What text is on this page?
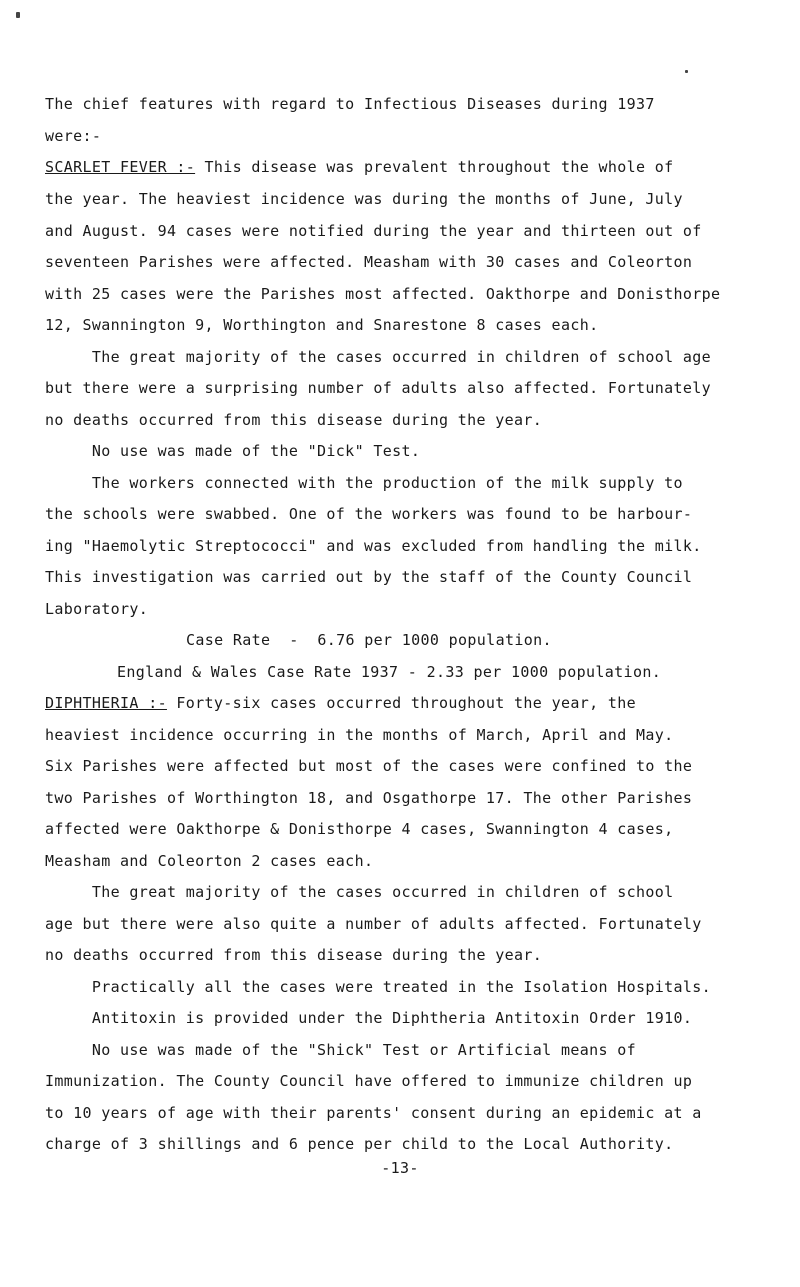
The chief features with regard to Infectious Diseases during 1937
were:-
SCARLET FEVER :- This disease was prevalent throughout the whole of
the year. The heaviest incidence was during the months of June, July
and August. 94 cases were notified during the year and thirteen out of
seventeen Parishes were affected. Measham with 30 cases and Coleorton
with 25 cases were the Parishes most affected. Oakthorpe and Donisthorpe
12, Swannington 9, Worthington and Snarestone 8 cases each.
The great majority of the cases occurred in children of school age
but there were a surprising number of adults also affected. Fortunately
no deaths occurred from this disease during the year.
No use was made of the "Dick" Test.
The workers connected with the production of the milk supply to
the schools were swabbed. One of the workers was found to be harbour-
ing "Haemolytic Streptococci" and was excluded from handling the milk.
This investigation was carried out by the staff of the County Council
Laboratory.
Case Rate  -  6.76 per 1000 population.
England & Wales Case Rate 1937 - 2.33 per 1000 population.
DIPHTHERIA :- Forty-six cases occurred throughout the year, the
heaviest incidence occurring in the months of March, April and May.
Six Parishes were affected but most of the cases were confined to the
two Parishes of Worthington 18, and Osgathorpe 17. The other Parishes
affected were Oakthorpe & Donisthorpe 4 cases, Swannington 4 cases,
Measham and Coleorton 2 cases each.
The great majority of the cases occurred in children of school
age but there were also quite a number of adults affected. Fortunately
no deaths occurred from this disease during the year.
Practically all the cases were treated in the Isolation Hospitals.
Antitoxin is provided under the Diphtheria Antitoxin Order 1910.
No use was made of the "Shick" Test or Artificial means of
Immunization. The County Council have offered to immunize children up
to 10 years of age with their parents' consent during an epidemic at a
charge of 3 shillings and 6 pence per child to the Local Authority.
-13-
